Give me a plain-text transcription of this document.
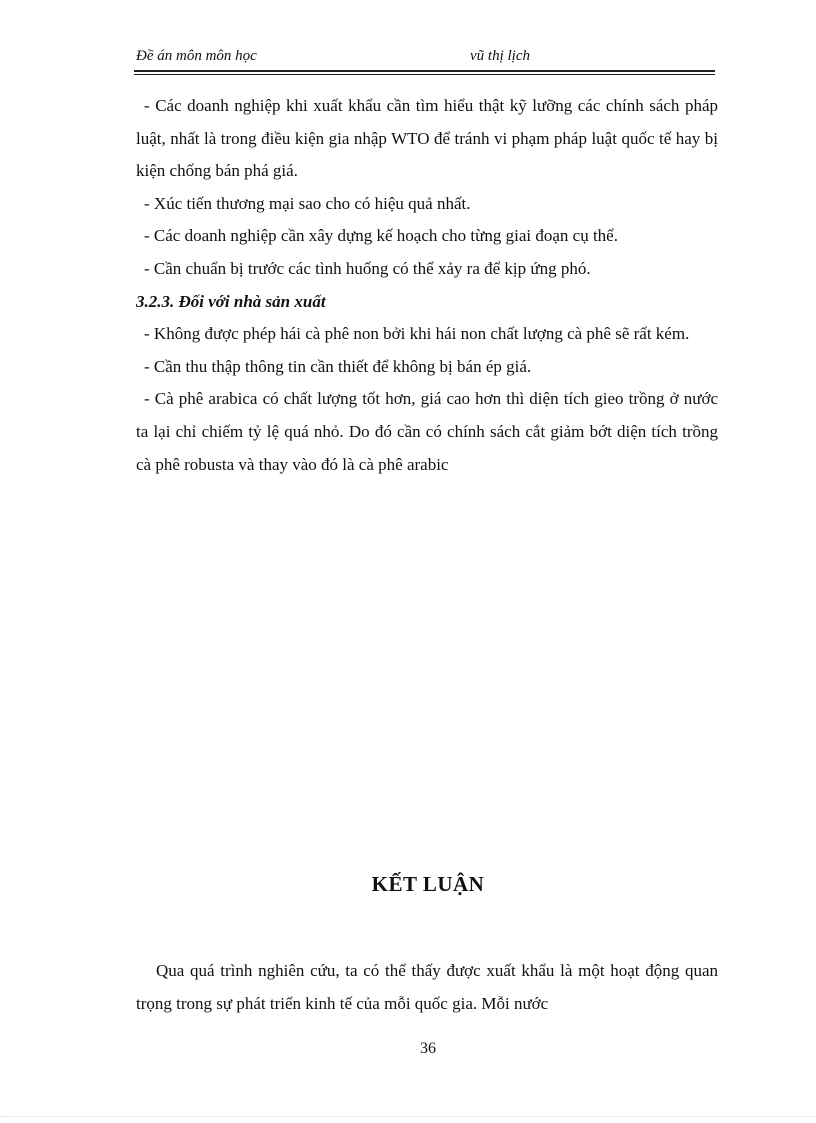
Đề án môn môn học	vũ thị lịch

- Các doanh nghiệp khi xuất khẩu cần tìm hiểu thật kỹ lưỡng các chính sách pháp luật, nhất là trong điều kiện gia nhập WTO để tránh vi phạm pháp luật quốc tế hay bị kiện chống bán phá giá.

- Xúc tiến thương mại sao cho có hiệu quả nhất.

- Các doanh nghiệp cần xây dựng kế hoạch cho từng giai đoạn cụ thể.

- Cần chuẩn bị trước các tình huống có thể xảy ra để kịp ứng phó.

3.2.3. Đối với nhà sản xuất

- Không được phép hái cà phê non bởi khi hái non chất lượng cà phê sẽ rất kém.

- Cần thu thập thông tin cần thiết để không bị bán ép giá.

- Cà phê arabica có chất lượng tốt hơn, giá cao hơn thì diện tích gieo trồng ở nước ta lại chỉ chiếm tỷ lệ quá nhỏ. Do đó cần có chính sách cắt giảm bớt diện tích trồng cà phê robusta và thay vào đó là cà phê arabic

KẾT LUẬN

Qua quá trình nghiên cứu, ta có thể thấy được xuất khẩu là một hoạt động quan trọng trong sự phát triển kinh tế của mỗi quốc gia. Mỗi nước

36
